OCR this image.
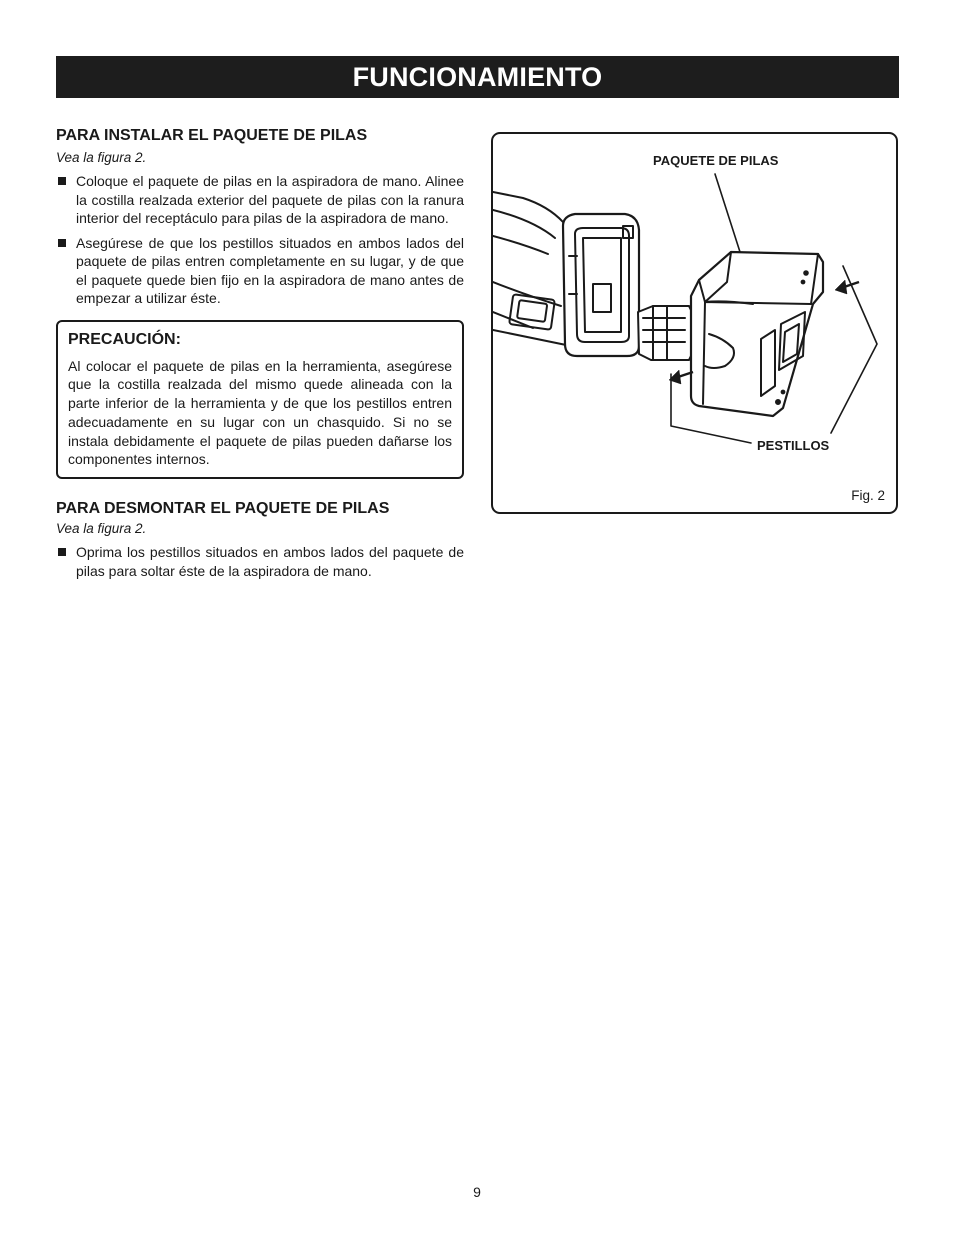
FUNCIONAMIENTO
PARA INSTALAR EL PAQUETE DE PILAS
Vea la figura 2.
Coloque el paquete de pilas en la aspiradora de mano. Alinee la costilla realzada exterior del paquete de pilas con la ranura interior del receptáculo para pilas de la aspiradora de mano.
Asegúrese de que los pestillos situados en ambos lados del paquete de pilas entren completamente en su lugar, y de que el paquete quede bien fijo en la aspiradora de mano antes de empezar a utilizar éste.
PRECAUCIÓN:

Al colocar el paquete de pilas en la herramienta, asegúrese que la costilla realzada del mismo quede alineada con la parte inferior de la herramienta y de que los pestillos entren adecuadamente en su lugar con un chasquido. Si no se instala debidamente el paquete de pilas pueden dañarse los componentes internos.

PARA DESMONTAR EL PAQUETE DE PILAS
Vea la figura 2.
Oprima los pestillos situados en ambos lados del paquete de pilas para soltar éste de la aspiradora de mano.
PAQUETE DE PILAS
PESTILLOS
Fig. 2
9
